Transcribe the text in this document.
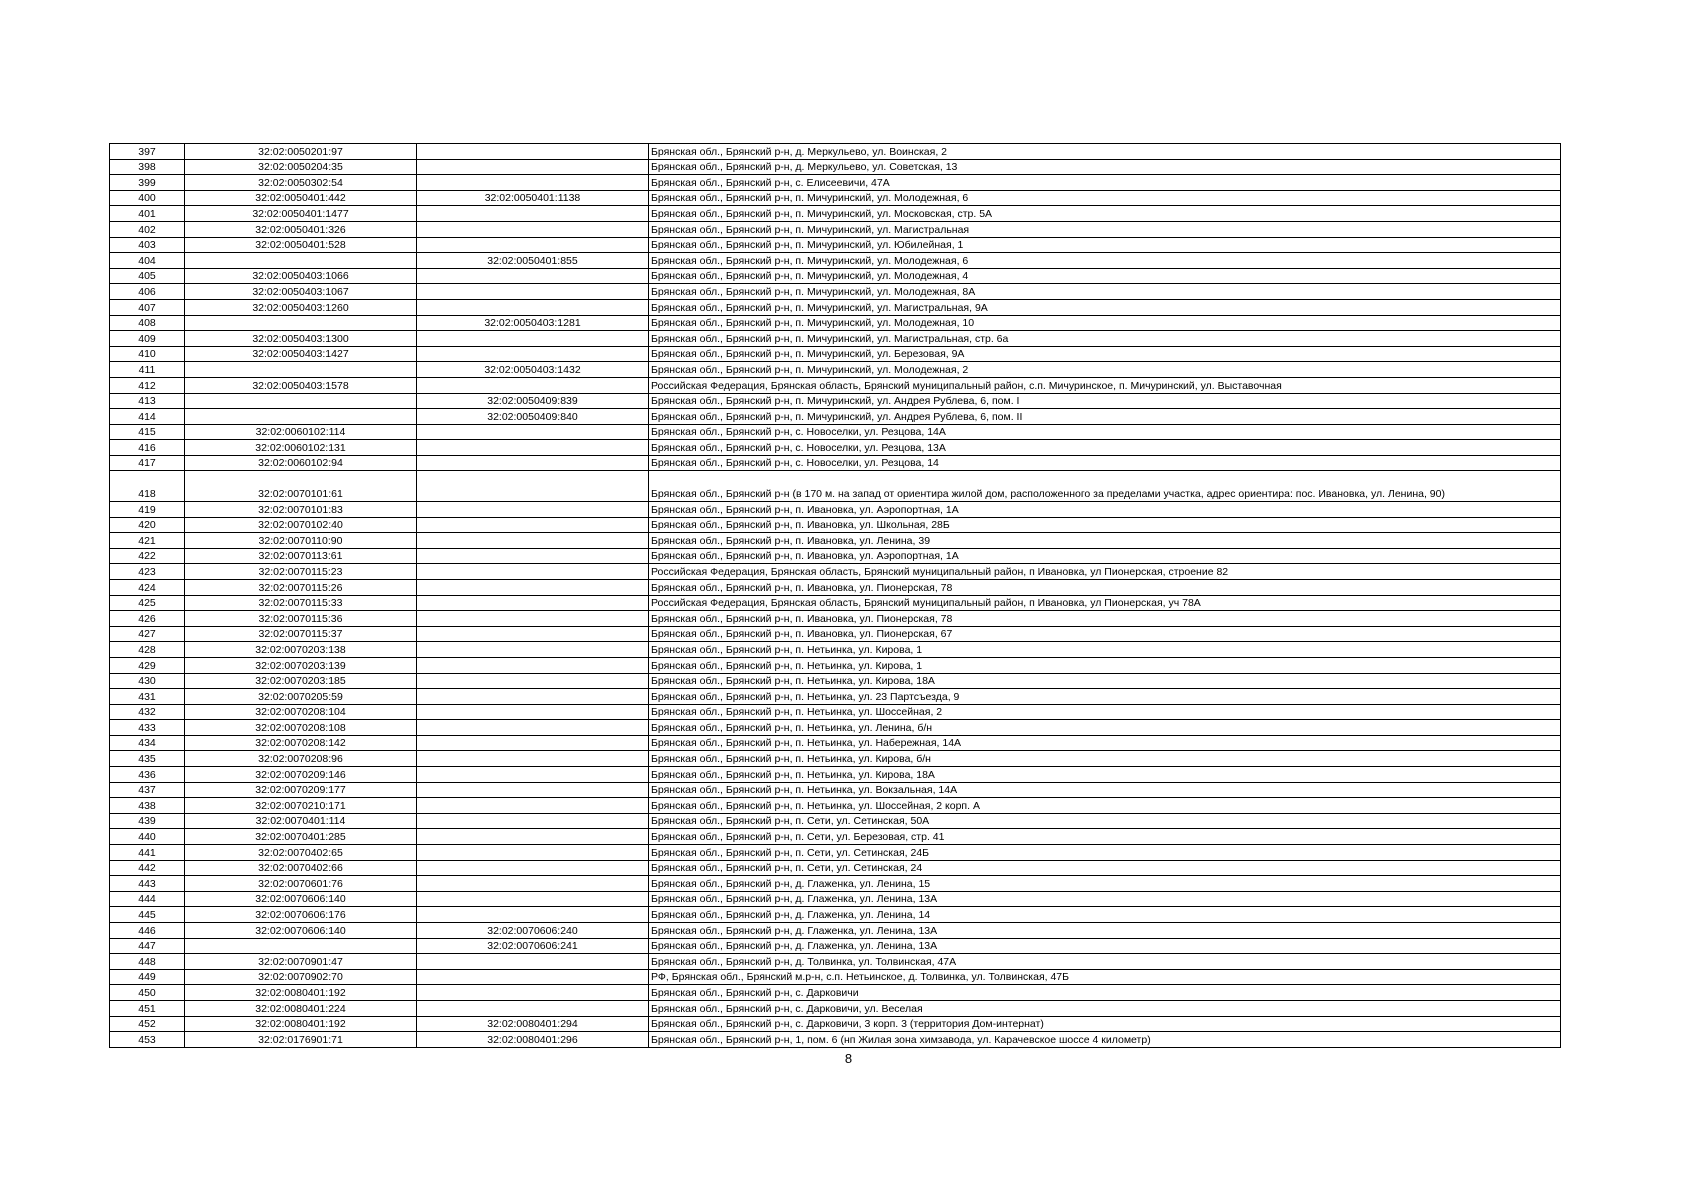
397	32:02:0050201:97		Брянская обл., Брянский р-н, д. Меркульево, ул. Воинская, 2
398	32:02:0050204:35		Брянская обл., Брянский р-н, д. Меркульево, ул. Советская, 13
399	32:02:0050302:54		Брянская обл., Брянский р-н, с. Елисеевичи, 47А
400	32:02:0050401:442	32:02:0050401:1138	Брянская обл., Брянский р-н, п. Мичуринский, ул. Молодежная, 6
401	32:02:0050401:1477		Брянская обл., Брянский р-н, п. Мичуринский, ул. Московская, стр. 5А
402	32:02:0050401:326		Брянская обл., Брянский р-н, п. Мичуринский, ул. Магистральная
403	32:02:0050401:528		Брянская обл., Брянский р-н, п. Мичуринский, ул. Юбилейная, 1
404		32:02:0050401:855	Брянская обл., Брянский р-н, п. Мичуринский, ул. Молодежная, 6
405	32:02:0050403:1066		Брянская обл., Брянский р-н, п. Мичуринский, ул. Молодежная, 4
406	32:02:0050403:1067		Брянская обл., Брянский р-н, п. Мичуринский, ул. Молодежная, 8А
407	32:02:0050403:1260		Брянская обл., Брянский р-н, п. Мичуринский, ул. Магистральная, 9А
408		32:02:0050403:1281	Брянская обл., Брянский р-н, п. Мичуринский, ул. Молодежная, 10
409	32:02:0050403:1300		Брянская обл., Брянский р-н, п. Мичуринский, ул. Магистральная, стр. 6а
410	32:02:0050403:1427		Брянская обл., Брянский р-н, п. Мичуринский, ул. Березовая, 9А
411		32:02:0050403:1432	Брянская обл., Брянский р-н, п. Мичуринский, ул. Молодежная, 2
412	32:02:0050403:1578		Российская Федерация, Брянская область, Брянский муниципальный район, с.п. Мичуринское, п. Мичуринский, ул. Выставочная
413		32:02:0050409:839	Брянская обл., Брянский р-н, п. Мичуринский, ул. Андрея Рублева, 6, пом. I
414		32:02:0050409:840	Брянская обл., Брянский р-н, п. Мичуринский, ул. Андрея Рублева, 6, пом. II
415	32:02:0060102:114		Брянская обл., Брянский р-н, с. Новоселки, ул. Резцова, 14А
416	32:02:0060102:131		Брянская обл., Брянский р-н, с. Новоселки, ул. Резцова, 13А
417	32:02:0060102:94		Брянская обл., Брянский р-н, с. Новоселки, ул. Резцова, 14
418	32:02:0070101:61		Брянская обл., Брянский р-н (в 170 м. на запад от ориентира жилой дом, расположенного за пределами участка, адрес ориентира: пос. Ивановка, ул. Ленина, 90)
419	32:02:0070101:83		Брянская обл., Брянский р-н, п. Ивановка, ул. Аэропортная, 1А
420	32:02:0070102:40		Брянская обл., Брянский р-н, п. Ивановка, ул. Школьная, 28Б
421	32:02:0070110:90		Брянская обл., Брянский р-н, п. Ивановка, ул. Ленина, 39
422	32:02:0070113:61		Брянская обл., Брянский р-н, п. Ивановка, ул. Аэропортная, 1А
423	32:02:0070115:23		Российская Федерация, Брянская область, Брянский муниципальный район, п Ивановка, ул Пионерская, строение 82
424	32:02:0070115:26		Брянская обл., Брянский р-н, п. Ивановка, ул. Пионерская, 78
425	32:02:0070115:33		Российская Федерация, Брянская область, Брянский муниципальный район, п Ивановка, ул Пионерская, уч 78А
426	32:02:0070115:36		Брянская обл., Брянский р-н, п. Ивановка, ул. Пионерская, 78
427	32:02:0070115:37		Брянская обл., Брянский р-н, п. Ивановка, ул. Пионерская, 67
428	32:02:0070203:138		Брянская обл., Брянский р-н, п. Нетьинка, ул. Кирова, 1
429	32:02:0070203:139		Брянская обл., Брянский р-н, п. Нетьинка, ул. Кирова, 1
430	32:02:0070203:185		Брянская обл., Брянский р-н, п. Нетьинка, ул. Кирова, 18А
431	32:02:0070205:59		Брянская обл., Брянский р-н, п. Нетьинка, ул. 23 Партсъезда, 9
432	32:02:0070208:104		Брянская обл., Брянский р-н, п. Нетьинка, ул. Шоссейная, 2
433	32:02:0070208:108		Брянская обл., Брянский р-н, п. Нетьинка, ул. Ленина, б/н
434	32:02:0070208:142		Брянская обл., Брянский р-н, п. Нетьинка, ул. Набережная, 14А
435	32:02:0070208:96		Брянская обл., Брянский р-н, п. Нетьинка, ул. Кирова, б/н
436	32:02:0070209:146		Брянская обл., Брянский р-н, п. Нетьинка, ул. Кирова, 18А
437	32:02:0070209:177		Брянская обл., Брянский р-н, п. Нетьинка, ул. Вокзальная, 14А
438	32:02:0070210:171		Брянская обл., Брянский р-н, п. Нетьинка, ул. Шоссейная, 2 корп. А
439	32:02:0070401:114		Брянская обл., Брянский р-н, п. Сети, ул. Сетинская, 50А
440	32:02:0070401:285		Брянская обл., Брянский р-н, п. Сети, ул. Березовая, стр. 41
441	32:02:0070402:65		Брянская обл., Брянский р-н, п. Сети, ул. Сетинская, 24Б
442	32:02:0070402:66		Брянская обл., Брянский р-н, п. Сети, ул. Сетинская, 24
443	32:02:0070601:76		Брянская обл., Брянский р-н, д. Глаженка, ул. Ленина, 15
444	32:02:0070606:140		Брянская обл., Брянский р-н, д. Глаженка, ул. Ленина, 13А
445	32:02:0070606:176		Брянская обл., Брянский р-н, д. Глаженка, ул. Ленина, 14
446	32:02:0070606:140	32:02:0070606:240	Брянская обл., Брянский р-н, д. Глаженка, ул. Ленина, 13А
447		32:02:0070606:241	Брянская обл., Брянский р-н, д. Глаженка, ул. Ленина, 13А
448	32:02:0070901:47		Брянская обл., Брянский р-н, д. Толвинка, ул. Толвинская, 47А
449	32:02:0070902:70		РФ, Брянская обл., Брянский м.р-н, с.п. Нетьинское, д. Толвинка, ул. Толвинская, 47Б
450	32:02:0080401:192		Брянская обл., Брянский р-н, с. Дарковичи
451	32:02:0080401:224		Брянская обл., Брянский р-н, с. Дарковичи, ул. Веселая
452	32:02:0080401:192	32:02:0080401:294	Брянская обл., Брянский р-н, с. Дарковичи, 3 корп. 3 (территория Дом-интернат)
453	32:02:0176901:71	32:02:0080401:296	Брянская обл., Брянский р-н, 1, пом. 6 (нп Жилая зона химзавода, ул. Карачевское шоссе 4 километр)
8
